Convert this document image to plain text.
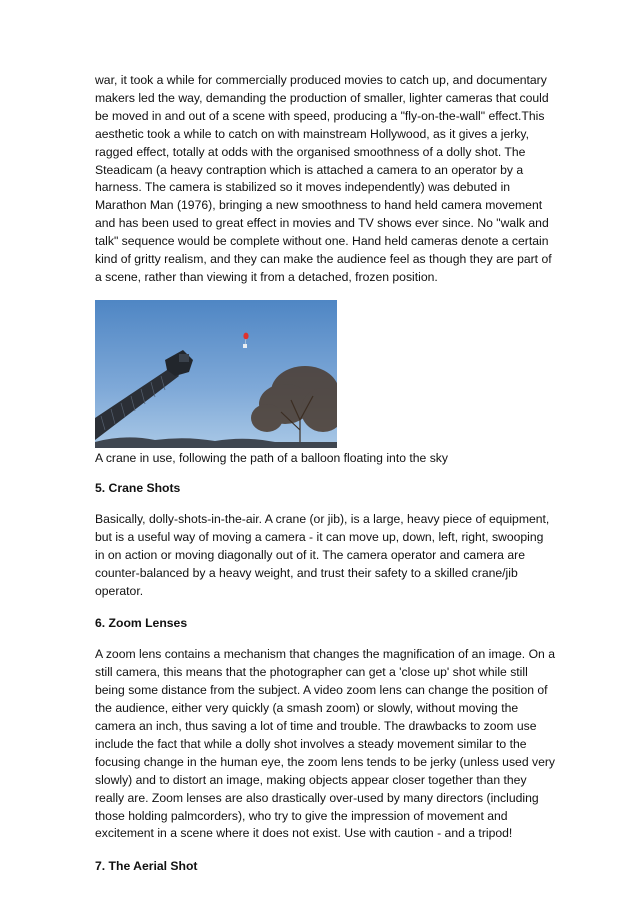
war, it took a while for commercially produced movies to catch up, and documentary makers led the way, demanding the production of smaller, lighter cameras that could be moved in and out of a scene with speed, producing a "fly-on-the-wall" effect.This aesthetic took a while to catch on with mainstream Hollywood, as it gives a jerky, ragged effect, totally at odds with the organised smoothness of a dolly shot. The Steadicam (a heavy contraption which is attached a camera to an operator by a harness. The camera is stabilized so it moves independently) was debuted in Marathon Man (1976), bringing a new smoothness to hand held camera movement and has been used to great effect in movies and TV shows ever since. No "walk and talk" sequence would be complete without one. Hand held cameras denote a certain kind of gritty realism, and they can make the audience feel as though they are part of a scene, rather than viewing it from a detached, frozen position.

A crane in use, following the path of a balloon floating into the sky

5. Crane Shots

Basically, dolly-shots-in-the-air. A crane (or jib), is a large, heavy piece of equipment, but is a useful way of moving a camera - it can move up, down, left, right, swooping in on action or moving diagonally out of it. The camera operator and camera are counter-balanced by a heavy weight, and trust their safety to a skilled crane/jib operator.

6. Zoom Lenses

A zoom lens contains a mechanism that changes the magnification of an image. On a still camera, this means that the photographer can get a 'close up' shot while still being some distance from the subject. A video zoom lens can change the position of the audience, either very quickly (a smash zoom) or slowly, without moving the camera an inch, thus saving a lot of time and trouble. The drawbacks to zoom use include the fact that while a dolly shot involves a steady movement similar to the focusing change in the human eye, the zoom lens tends to be jerky (unless used very slowly) and to distort an image, making objects appear closer together than they really are. Zoom lenses are also drastically over-used by many directors (including those holding palmcorders), who try to give the impression of movement and excitement in a scene where it does not exist. Use with caution - and a tripod!

7. The Aerial Shot
